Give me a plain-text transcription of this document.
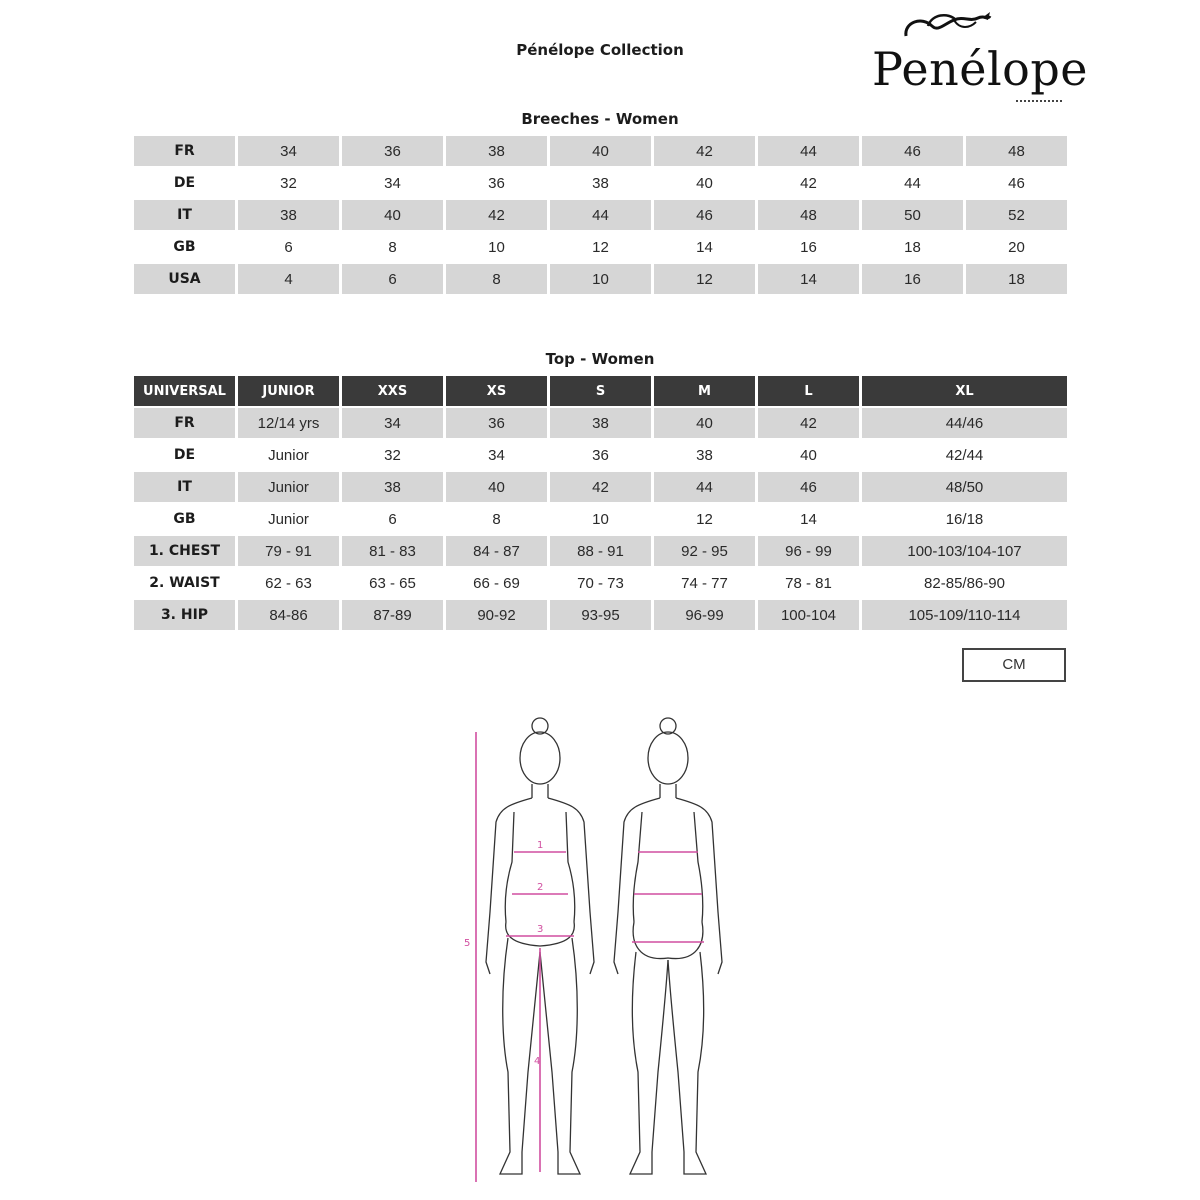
Pénélope Collection	Penélope
Breeches - Women
FR	34	36	38	40	42	44	46	48
DE	32	34	36	38	40	42	44	46
IT	38	40	42	44	46	48	50	52
GB	6	8	10	12	14	16	18	20
USA	4	6	8	10	12	14	16	18
Top - Women
UNIVERSAL	JUNIOR	XXS	XS	S	M	L	XL
FR	12/14 yrs	34	36	38	40	42	44/46
DE	Junior	32	34	36	38	40	42/44
IT	Junior	38	40	42	44	46	48/50
GB	Junior	6	8	10	12	14	16/18
1. CHEST	79 - 91	81 - 83	84 - 87	88 - 91	92 - 95	96 - 99	100-103/104-107
2. WAIST	62 - 63	63 - 65	66 - 69	70 - 73	74 - 77	78 - 81	82-85/86-90
3. HIP	84-86	87-89	90-92	93-95	96-99	100-104	105-109/110-114
CM
1
2
3
4
5
